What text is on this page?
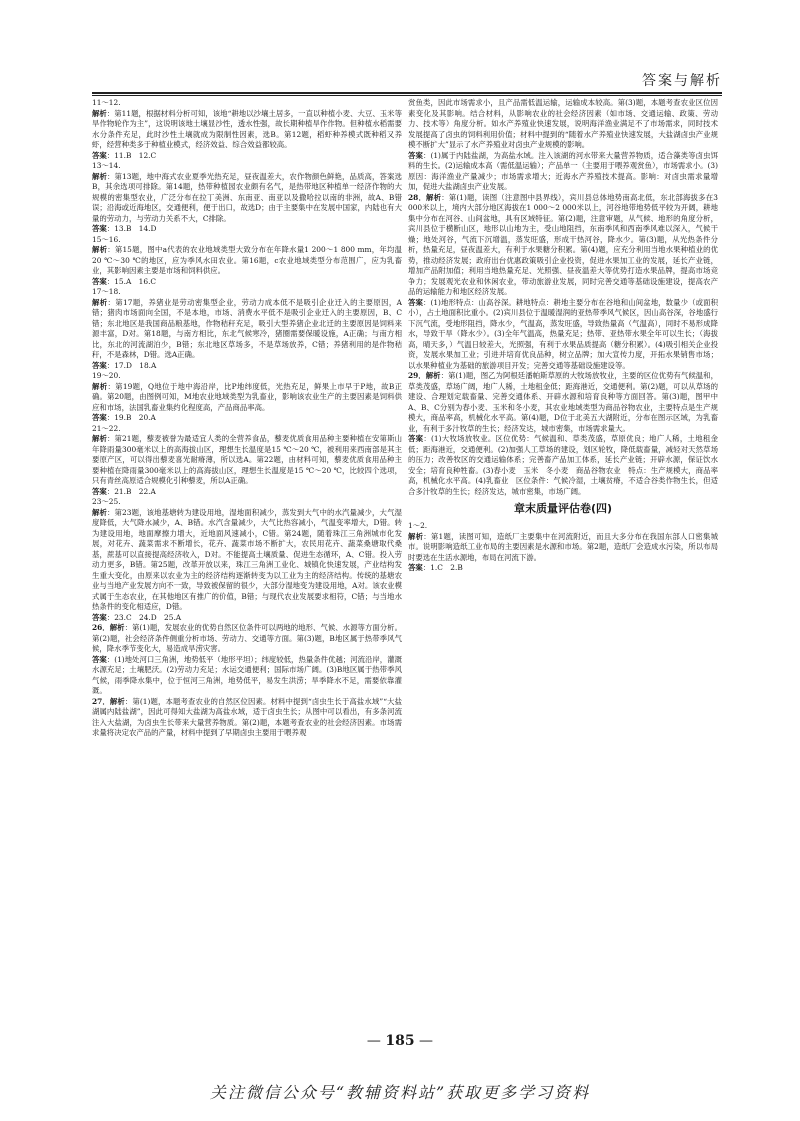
答案与解析

11～12.

解析：第11题，根据材料分析可知，该地“耕地以沙壤土居多，一直以种植小麦、大豆、玉米等旱作物轮作为主”，这说明该地土壤显沙性，透水性强，故长期种植旱作作物。但种植水稻需要水分条件充足，此时沙性土壤就成为限制性因素，选B。第12题，稻虾种养模式既种稻又养虾，经营种类多于种植业模式，经济效益、综合效益都较高。

答案：11.B　12.C

13～14.

解析：第13题，地中海式农业夏季光热充足，昼夜温差大，农作物颜色鲜艳，品质高，答案选B，其余选项可排除。第14题，热带种植园农业颇有名气，是热带地区种植单一经济作物的大规模的密集型农业，广泛分布在拉丁美洲、东南亚、南亚以及撒哈拉以南的非洲，故A、B错误；沿海或近海地区，交通便利，便于出口，故选D；由于主要集中在发展中国家，内陆也有大量的劳动力，与劳动力关系不大，C排除。

答案：13.B　14.D

15～16.

解析：第15题，图中a代表的农业地域类型大致分布在年降水量1 200～1 800 mm，年均温20 ℃～30 ℃的地区，应为季风水田农业。第16题，c农业地域类型分布范围广，应为乳畜业，其影响因素主要是市场和饲料供应。

答案：15.A　16.C

17～18.

解析：第17题，养猪业是劳动密集型企业，劳动力成本低不是吸引企业迁入的主要原因，A错；猪肉市场面向全国，不是本地，市场、消费水平低不是吸引企业迁入的主要原因，B、C错；东北地区是我国商品粮基地，作物秸秆充足，吸引大型养猪企业北迁的主要原因是饲料来源丰富，D对。第18题，与南方相比，东北气候寒冷，猪圈需要保暖设施，A正确；与南方相比，东北的河流湖泊少，B错；东北地区草场多，不是草场放养，C错；养猪利用的是作物秸秆，不是森林，D错。选A正确。

答案：17.D　18.A

19～20.

解析：第19题，Q地位于地中海沿岸，比P地纬度低，光热充足，鲜果上市早于P地，故B正确。第20题，由图例可知，M地农业地域类型为乳畜业，影响该农业生产的主要因素是饲料供应和市场，法国乳畜业集约化程度高，产品商品率高。

答案：19.B　20.A

21～22.

解析：第21题，藜麦被誉为最适宜人类的全营养食品，藜麦优质食用品种主要种植在安第斯山年降雨量300毫米以上的高海拔山区，理想生长温度是15 ℃～20 ℃，被利用来西南部是其主要原产区，可以得出藜麦喜光耐瘠薄，所以选A。第22题，由材料可知，藜麦优质食用品种主要种植在降雨量300毫米以上的高海拔山区，理想生长温度是15 ℃～20 ℃，比较四个选项，只有青丝高原适合规模化引种藜麦，所以A正确。

答案：21.B　22.A

23～25.

解析：第23题，该地基塘转为建设用地，湿地面积减少，蒸发到大气中的水汽量减少，大气湿度降低，大气降水减少，A、B错。水汽含量减少，大气比热容减小，气温变率增大，D错。转为建设用地，地面摩擦力增大，近地面风速减小，C错。第24题，随着珠江三角洲城市化发展，对花卉、蔬菜需求不断增长，花卉、蔬菜市场不断扩大，农民用花卉、蔬菜桑塘取代桑基，蔗基可以直接提高经济收入，D对。不能提高土壤质量、促进生态循环，A、C错。投入劳动力更多，B错。第25题，改革开放以来，珠江三角洲工业化、城镇化快速发展，产业结构发生重大变化，由原来以农业为主的经济结构逐渐转变为以工业为主的经济结构。传统的基塘农业与当地产业发展方向不一致，导致被保留的很少，大部分湿地变为建设用地，A对。该农业模式属于生态农业，在其他地区有推广的价值，B错；与现代农业发展要求相符，C错；与当地水热条件的变化相适应，D错。

答案：23.C　24.D　25.A

26．解析：第(1)题，发展农业的优势自然区位条件可以两地的地形、气候、水源等方面分析。第(2)题，社会经济条件侧重分析市场、劳动力、交通等方面。第(3)题，B地区属于热带季风气候，降水季节变化大，易造成旱涝灾害。

答案：(1)地处河口三角洲，地势低平（地形平坦）；纬度较低，热量条件优越；河流沿岸，灌溉水源充足；土壤肥沃。(2)劳动力充足；水运交通便利；国际市场广阔。(3)B地区属于热带季风气候，雨季降水集中，位于恒河三角洲，地势低平，易发生洪涝；旱季降水不足，需要依靠灌溉。

27．解析：第(1)题，本题考查农业的自然区位因素。材料中提到“卤虫生长于高盐水域”“大盐湖属内陆盐湖”，因此可得知大盐湖为高盐水域，适于卤虫生长；从图中可以看出，有多条河流注入大盐湖，为卤虫生长带来大量营养物质。第(2)题，本题考查农业的社会经济因素。市场需求量将决定农产品的产量，材料中提到了早期卤虫主要用于喂养观

赏鱼类，因此市场需求小，且产品需低温运输，运输成本较高。第(3)题，本题考查农业区位因素变化及其影响。结合材料，从影响农业的社会经济因素（如市场、交通运输、政策、劳动力、技术等）角度分析。如水产养殖业快速发展，说明海洋渔业满足不了市场需求，同时技术发展提高了卤虫的饲料利用价值；材料中提到的“随着水产养殖业快速发展，大盐湖卤虫产业规模不断扩大”显示了水产养殖业对卤虫产业规模的影响。

答案：(1)属于内陆盐湖，为高盐水域。注入该湖的河水带来大量营养物质，适合藻类等卤虫饵料的生长。(2)运输成本高（需低温运输）；产品单一（主要用于喂养观赏鱼），市场需求小。(3)原因：海洋渔业产量减少；市场需求增大；近海水产养殖技术提高。影响：对卤虫需求量增加，促进大盐湖卤虫产业发展。

28．解析：第(1)题，读图（注意图中县界线），宾川县总体地势南高北低，东北部海拔多在3 000米以上，境内大部分地区海拔在1 000～2 000米以上，河谷地带地势低平较为开阔，耕地集中分布在河谷、山间盆地，具有区域特征。第(2)题，注意审题，从气候、地形的角度分析，宾川县位于横断山区，地形以山地为主，受山地阻挡，东南季风和西南季风难以深入，气候干燥；地处河谷，气流下沉增温，蒸发旺盛，形成干热河谷，降水少。第(3)题，从光热条件分析，热量充足，昼夜温差大，有利于水果糖分积累。第(4)题，应充分利用当地水果种植业的优势，推动经济发展；政府出台优惠政策吸引企业投资，促进水果加工业的发展，延长产业链，增加产品附加值；利用当地热量充足、光照强、昼夜温差大等优势打造水果品牌，提高市场竞争力；发展观光农业和休闲农业，带动旅游业发展，同时完善交通等基础设施建设，提高农产品的运输能力和地区经济发展。

答案：(1)地形特点：山高谷深。耕地特点：耕地主要分布在谷地和山间盆地，数量少（或面积小），占土地面积比重小。(2)宾川县位于温暖湿润的亚热带季风气候区，因山高谷深，谷地盛行下沉气流，受地形阻挡，降水少，气温高，蒸发旺盛，导致热量高（气温高），同时不易形成降水，导致干旱（降水少）。(3)全年气温高，热量充足；热带、亚热带水果全年可以生长；（海拔高，晴天多，）气温日较差大，光照强，有利于水果品质提高（糖分积累）。(4)吸引相关企业投资，发展水果加工业；引进并培育优良品种，树立品牌；加大宣传力度，开拓水果销售市场；以水果种植业为基础的旅游项目开发；完善交通等基础设施建设等。

29．解析：第(1)题，图乙为阿根廷潘帕斯草原的大牧场放牧业，主要的区位优势有气候温和，草类茂盛，草场广阔，地广人稀，土地租金低；距海港近，交通便利。第(2)题，可以从草场的建设、合理划定载畜量、完善交通体系、开辟水源和培育良种等方面回答。第(3)题，图甲中A、B、C分别为春小麦、玉米和冬小麦，其农业地域类型为商品谷物农业，主要特点是生产规模大，商品率高，机械化水平高。第(4)题，D位于北美五大湖附近，分布在图示区域，为乳畜业，有利于多汁牧草的生长；经济发达，城市密集，市场需求量大。

答案：(1)大牧场放牧业。区位优势：气候温和、草类茂盛，草原优良；地广人稀，土地租金低；距海港近，交通便利。(2)加强人工草场的建设，划区轮牧，降低载畜量，减轻对天然草场的压力；改善牧区的交通运输体系；完善畜产品加工体系，延长产业链；开辟水源，保证饮水安全；培育良种牲畜。(3)春小麦　玉米　冬小麦　商品谷物农业　特点：生产规模大，商品率高，机械化水平高。(4)乳畜业　区位条件：气候冷湿，土壤贫瘠，不适合谷类作物生长，但适合多汁牧草的生长；经济发达，城市密集，市场广阔。

章末质量评估卷(四)

1～2.

解析：第1题，读图可知，造纸厂主要集中在河流附近，而且大多分布在我国东部人口密集城市。说明影响造纸工业布局的主要因素是水源和市场。第2题，造纸厂会造成水污染，所以布局时要选在生活水源地，布局在河流下游。

答案：1.C　2.B

— 185 —
关注微信公众号“教辅资料站”获取更多学习资料
